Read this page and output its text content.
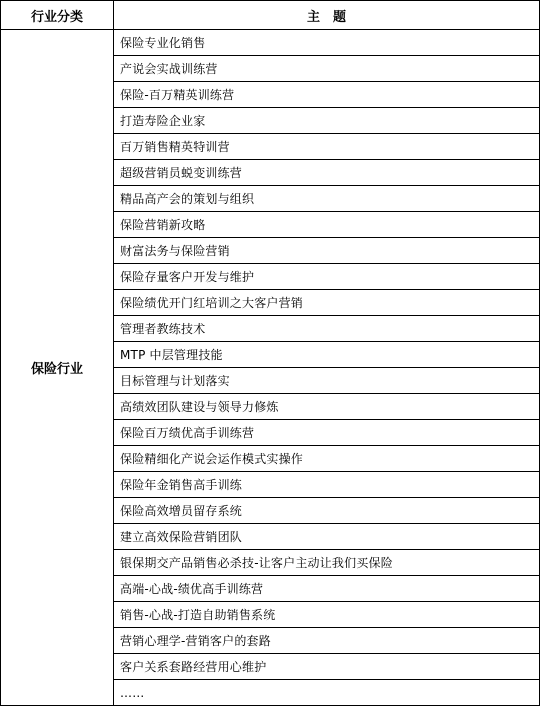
行业分类	主　题
保险行业	保险专业化销售
	产说会实战训练营
	保险-百万精英训练营
	打造寿险企业家
	百万销售精英特训营
	超级营销员蜕变训练营
	精品高产会的策划与组织
	保险营销新攻略
	财富法务与保险营销
	保险存量客户开发与维护
	保险绩优开门红培训之大客户营销
	管理者教练技术
	MTP 中层管理技能
	目标管理与计划落实
	高绩效团队建设与领导力修炼
	保险百万绩优高手训练营
	保险精细化产说会运作模式实操作
	保险年金销售高手训练
	保险高效增员留存系统
	建立高效保险营销团队
	银保期交产品销售必杀技-让客户主动让我们买保险
	高端-心战-绩优高手训练营
	销售-心战-打造自助销售系统
	营销心理学-营销客户的套路
	客户关系套路经营用心维护
	……
